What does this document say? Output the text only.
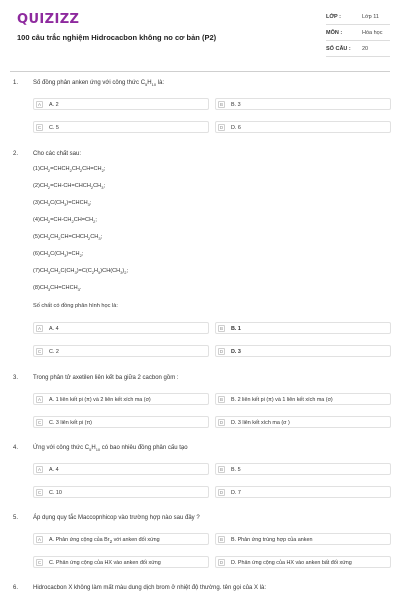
QUIZIZZ
100 câu trắc nghiệm Hidrocacbon không no cơ bản (P2)
LỚP :	Lớp 11
MÔN :	Hóa học
SỐ CÂU : 20
1. Số đồng phân anken ứng với công thức $C_5H_{10}$ là:
A	A. 2	B	B. 3
C	C. 5	D	D. 6
2. Cho các chất sau:
$(1)CH_2=CHCH_2CH_2CH=CH_2$;
$(2)CH_2=CH-CH=CHCH_2CH_3$;
$(3)CH_3C(CH_3)=CHCH_3$;
$(4)CH_2=CH-CH_2CH=CH_2$;
$(5)CH_3CH_2CH=CHCH_2CH_3$;
$(6)CH_3C(CH_3)=CH_2$;
$(7)CH_3CH_2C(CH_3)=C(C_2H_5)CH(CH_3)_2$;
$(8)CH_3CH=CHCH_3$.
Số chất có đồng phân hình học là:
A	A. 4	B	B. 1
C	C. 2	D	D. 3
3. Trong phân tử axetilen liên kết ba giữa 2 cacbon gồm :
A	A. 1 liên kết pi (π) và 2 liên kết xích ma (σ)	B	B. 2 liên kết pi (π) và 1 liên kết xích ma (σ)
C	C. 3 liên kết pi (π)	D	D. 3 liên kết xích ma (σ )
4. Ứng với công thức $C_5H_{10}$ có bao nhiêu đồng phân cấu tạo
A	A. 4	B	B. 5
C	C. 10	D	D. 7
5. Áp dụng quy tắc Maccopnhicop vào trường hợp nào sau đây ?
A	A. Phản ứng cộng của $Br_2$ với anken đối xứng	B	B. Phản ứng trùng hợp của anken
C	C. Phản ứng cộng của HX vào anken đối xứng	D	D. Phản ứng cộng của HX vào anken bất đối xứng
6. Hidrocacbon X không làm mất màu dung dịch brom ở nhiệt độ thường. tên gọi của X là:
